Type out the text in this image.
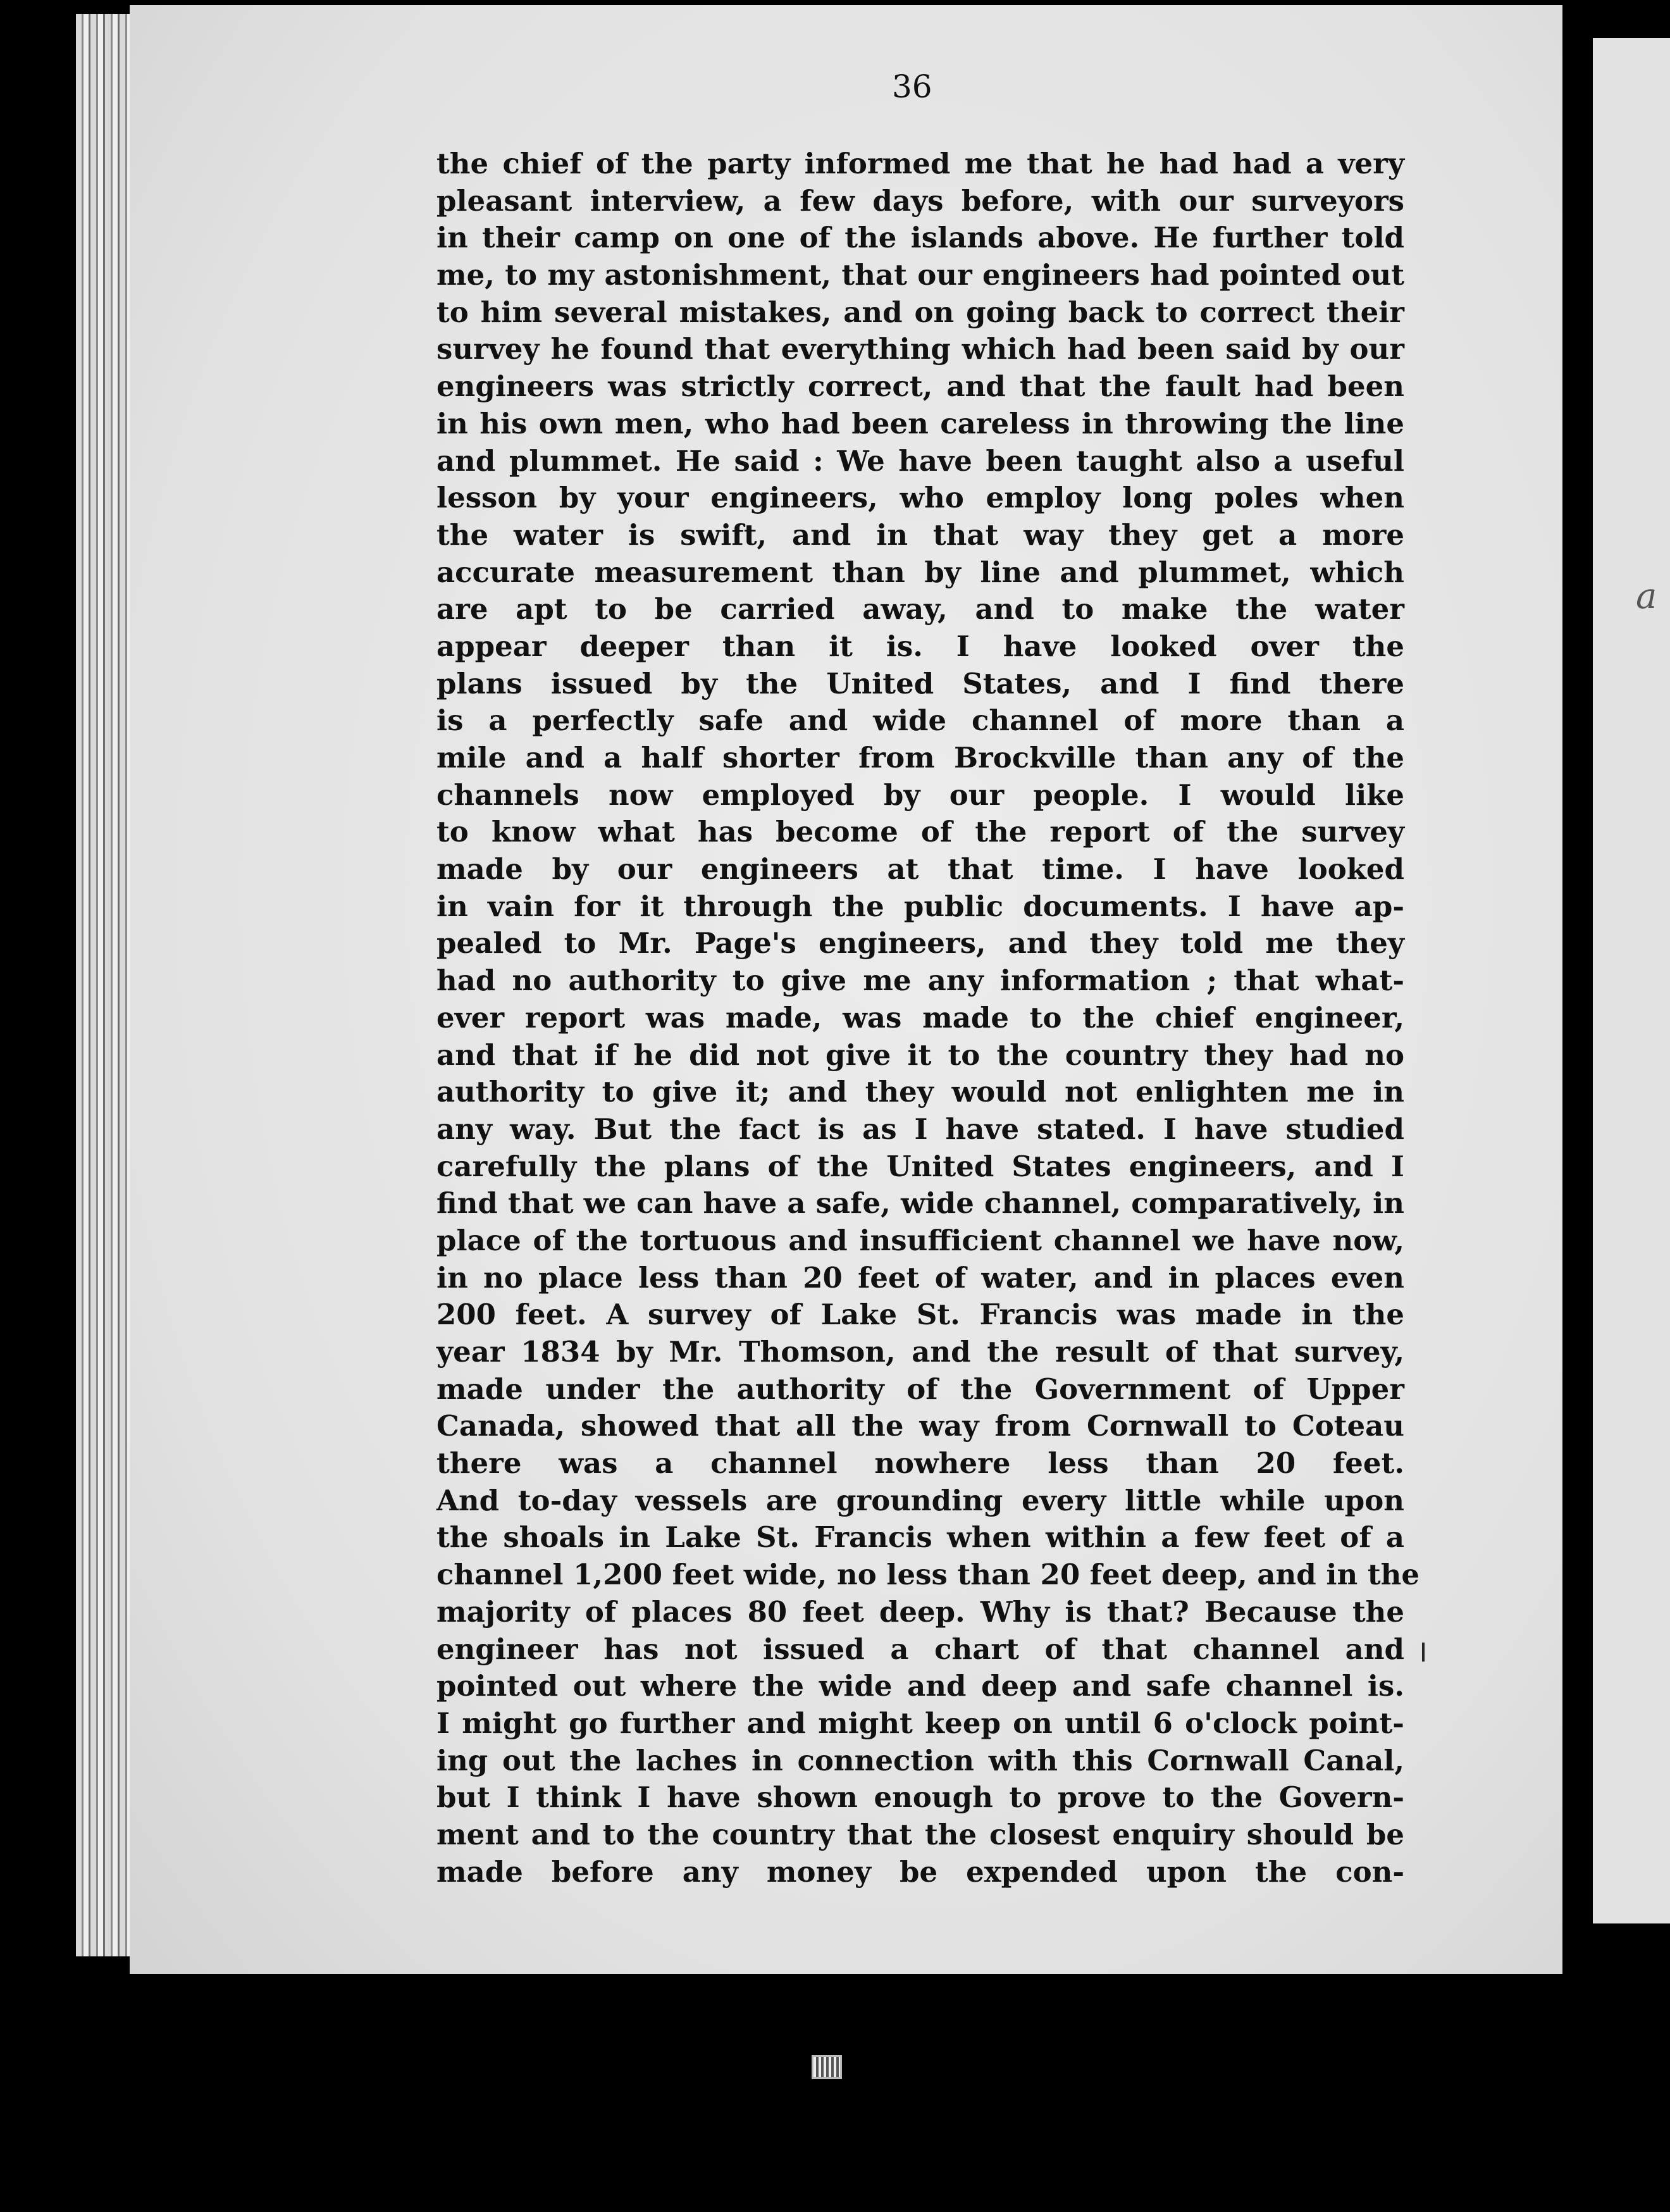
a
36
the chief of the party informed me that he had had a very
pleasant interview, a few days before, with our surveyors
in their camp on one of the islands above. He further told
me, to my astonishment, that our engineers had pointed out
to him several mistakes, and on going back to correct their
survey he found that everything which had been said by our
engineers was strictly correct, and that the fault had been
in his own men, who had been careless in throwing the line
and plummet. He said : We have been taught also a useful
lesson by your engineers, who employ long poles when
the water is swift, and in that way they get a more
accurate measurement than by line and plummet, which
are apt to be carried away, and to make the water
appear deeper than it is. I have looked over the
plans issued by the United States, and I find there
is a perfectly safe and wide channel of more than a
mile and a half shorter from Brockville than any of the
channels now employed by our people. I would like
to know what has become of the report of the survey
made by our engineers at that time. I have looked
in vain for it through the public documents. I have ap-
pealed to Mr. Page's engineers, and they told me they
had no authority to give me any information ; that what-
ever report was made, was made to the chief engineer,
and that if he did not give it to the country they had no
authority to give it; and they would not enlighten me in
any way. But the fact is as I have stated. I have studied
carefully the plans of the United States engineers, and I
find that we can have a safe, wide channel, comparatively, in
place of the tortuous and insufficient channel we have now,
in no place less than 20 feet of water, and in places even
200 feet. A survey of Lake St. Francis was made in the
year 1834 by Mr. Thomson, and the result of that survey,
made under the authority of the Government of Upper
Canada, showed that all the way from Cornwall to Coteau
there was a channel nowhere less than 20 feet.
And to-day vessels are grounding every little while upon
the shoals in Lake St. Francis when within a few feet of a
channel 1,200 feet wide, no less than 20 feet deep, and in the
majority of places 80 feet deep. Why is that? Because the
engineer has not issued a chart of that channel and
pointed out where the wide and deep and safe channel is.
I might go further and might keep on until 6 o'clock point-
ing out the laches in connection with this Cornwall Canal,
but I think I have shown enough to prove to the Govern-
ment and to the country that the closest enquiry should be
made before any money be expended upon the con-
